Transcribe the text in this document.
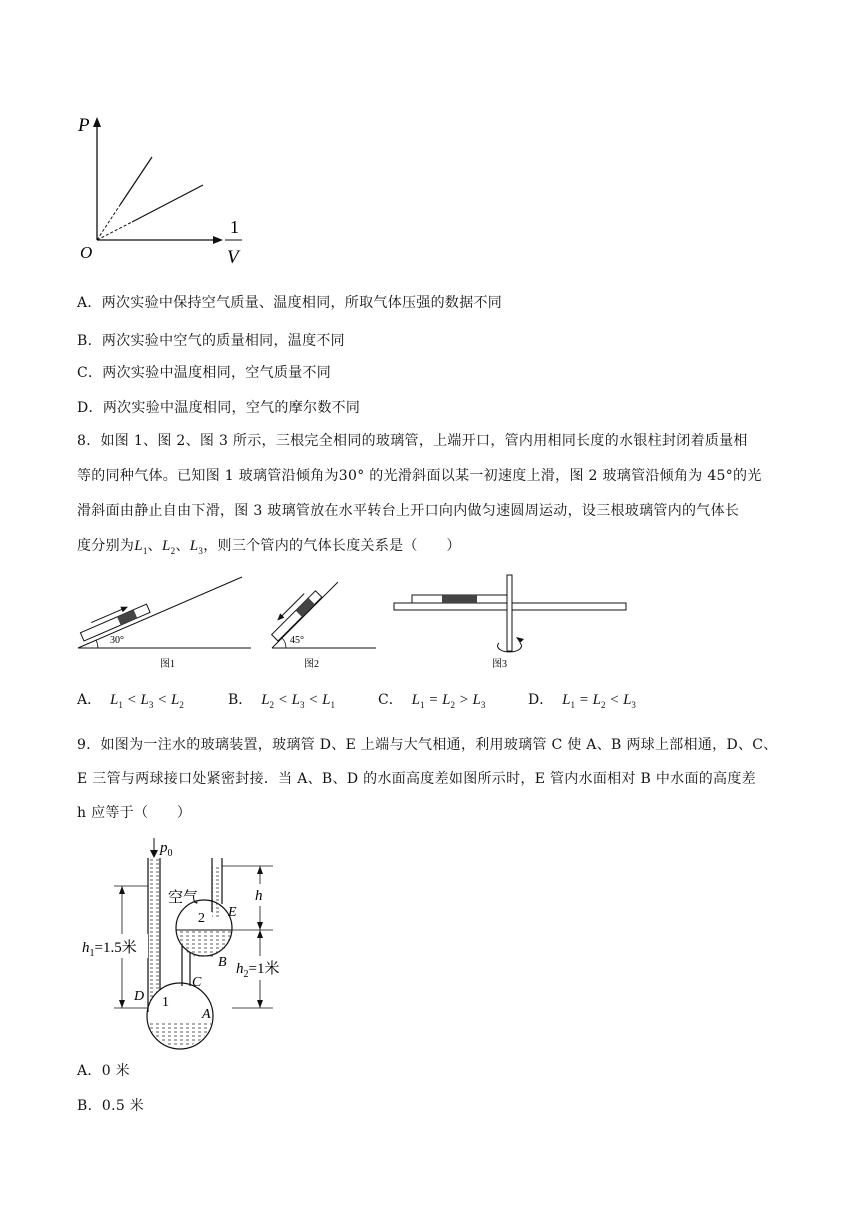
P
O
1
V
A．两次实验中保持空气质量、温度相同，所取气体压强的数据不同
B．两次实验中空气的质量相同，温度不同
C．两次实验中温度相同，空气质量不同
D．两次实验中温度相同，空气的摩尔数不同
8．如图 1、图 2、图 3 所示，三根完全相同的玻璃管，上端开口，管内用相同长度的水银柱封闭着质量相
等的同种气体。已知图 1 玻璃管沿倾角为30° 的光滑斜面以某一初速度上滑，图 2 玻璃管沿倾角为 45°的光
滑斜面由静止自由下滑，图 3 玻璃管放在水平转台上开口向内做匀速圆周运动，设三根玻璃管内的气体长
度分别为$L_1$、$L_2$、$L_3$，则三个管内的气体长度关系是（　　）
30°
图1
45°
图2	图3
A． $L_1 < L_3 < L_2$	B． $L_2 < L_3 < L_1$	C． $L_1 = L_2 > L_3$	D． $L_1 = L_2 < L_3$
9．如图为一注水的玻璃装置，玻璃管 D、E 上端与大气相通，利用玻璃管 C 使 A、B 两球上部相通，D、C、
E 三管与两球接口处紧密封接．当 A、B、D 的水面高度差如图所示时，E 管内水面相对 B 中水面的高度差
h 应等于（　　）
$p_0$
1
2
空气
E
B
C
D
A
h
$h_1=1.5$米
$h_2=1$米
A．0 米
B．0.5 米
